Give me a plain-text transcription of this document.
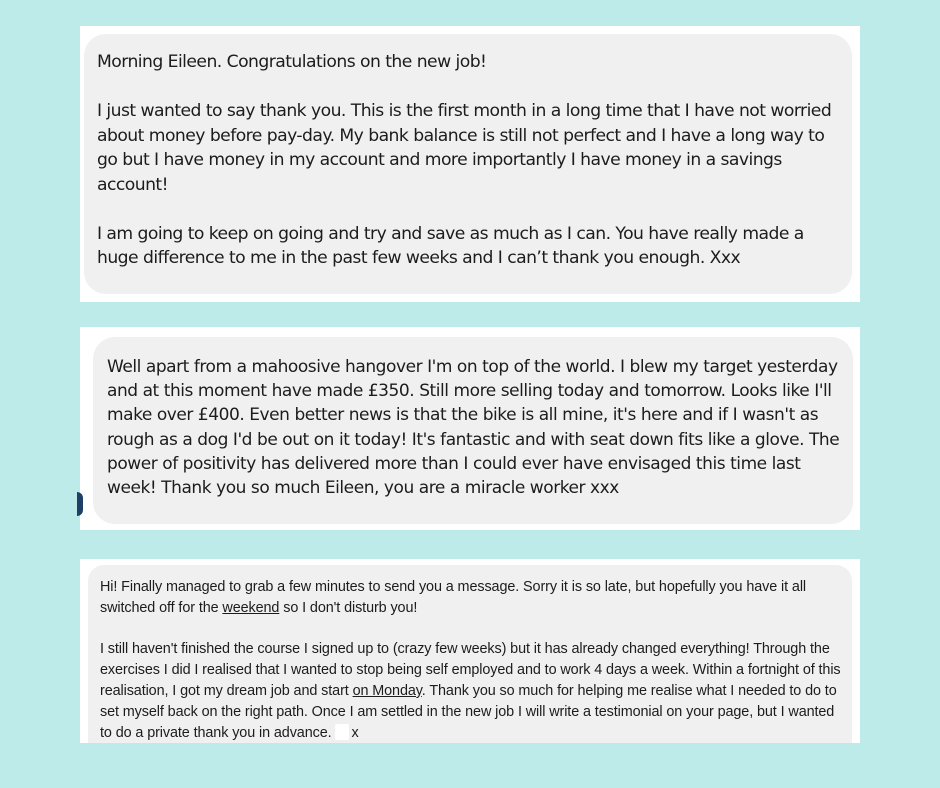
Morning Eileen. Congratulations on the new job!

I just wanted to say thank you. This is the first month in a long time that I have not worried about money before pay-day. My bank balance is still not perfect and I have a long way to go but I have money in my account and more importantly I have money in a savings account!

I am going to keep on going and try and save as much as I can. You have really made a huge difference to me in the past few weeks and I can’t thank you enough. Xxx

Well apart from a mahoosive hangover I'm on top of the world. I blew my target yesterday and at this moment have made £350. Still more selling today and tomorrow. Looks like I'll make over £400. Even better news is that the bike is all mine, it's here and if I wasn't as rough as a dog I'd be out on it today! It's fantastic and with seat down fits like a glove. The power of positivity has delivered more than I could ever have envisaged this time last week! Thank you so much Eileen, you are a miracle worker xxx

Hi! Finally managed to grab a few minutes to send you a message. Sorry it is so late, but hopefully you have it all switched off for the weekend so I don't disturb you!

I still haven't finished the course I signed up to (crazy few weeks) but it has already changed everything! Through the exercises I did I realised that I wanted to stop being self employed and to work 4 days a week. Within a fortnight of this realisation, I got my dream job and start on Monday. Thank you so much for helping me realise what I needed to do to set myself back on the right path. Once I am settled in the new job I will write a testimonial on your page, but I wanted to do a private thank you in advance. x
